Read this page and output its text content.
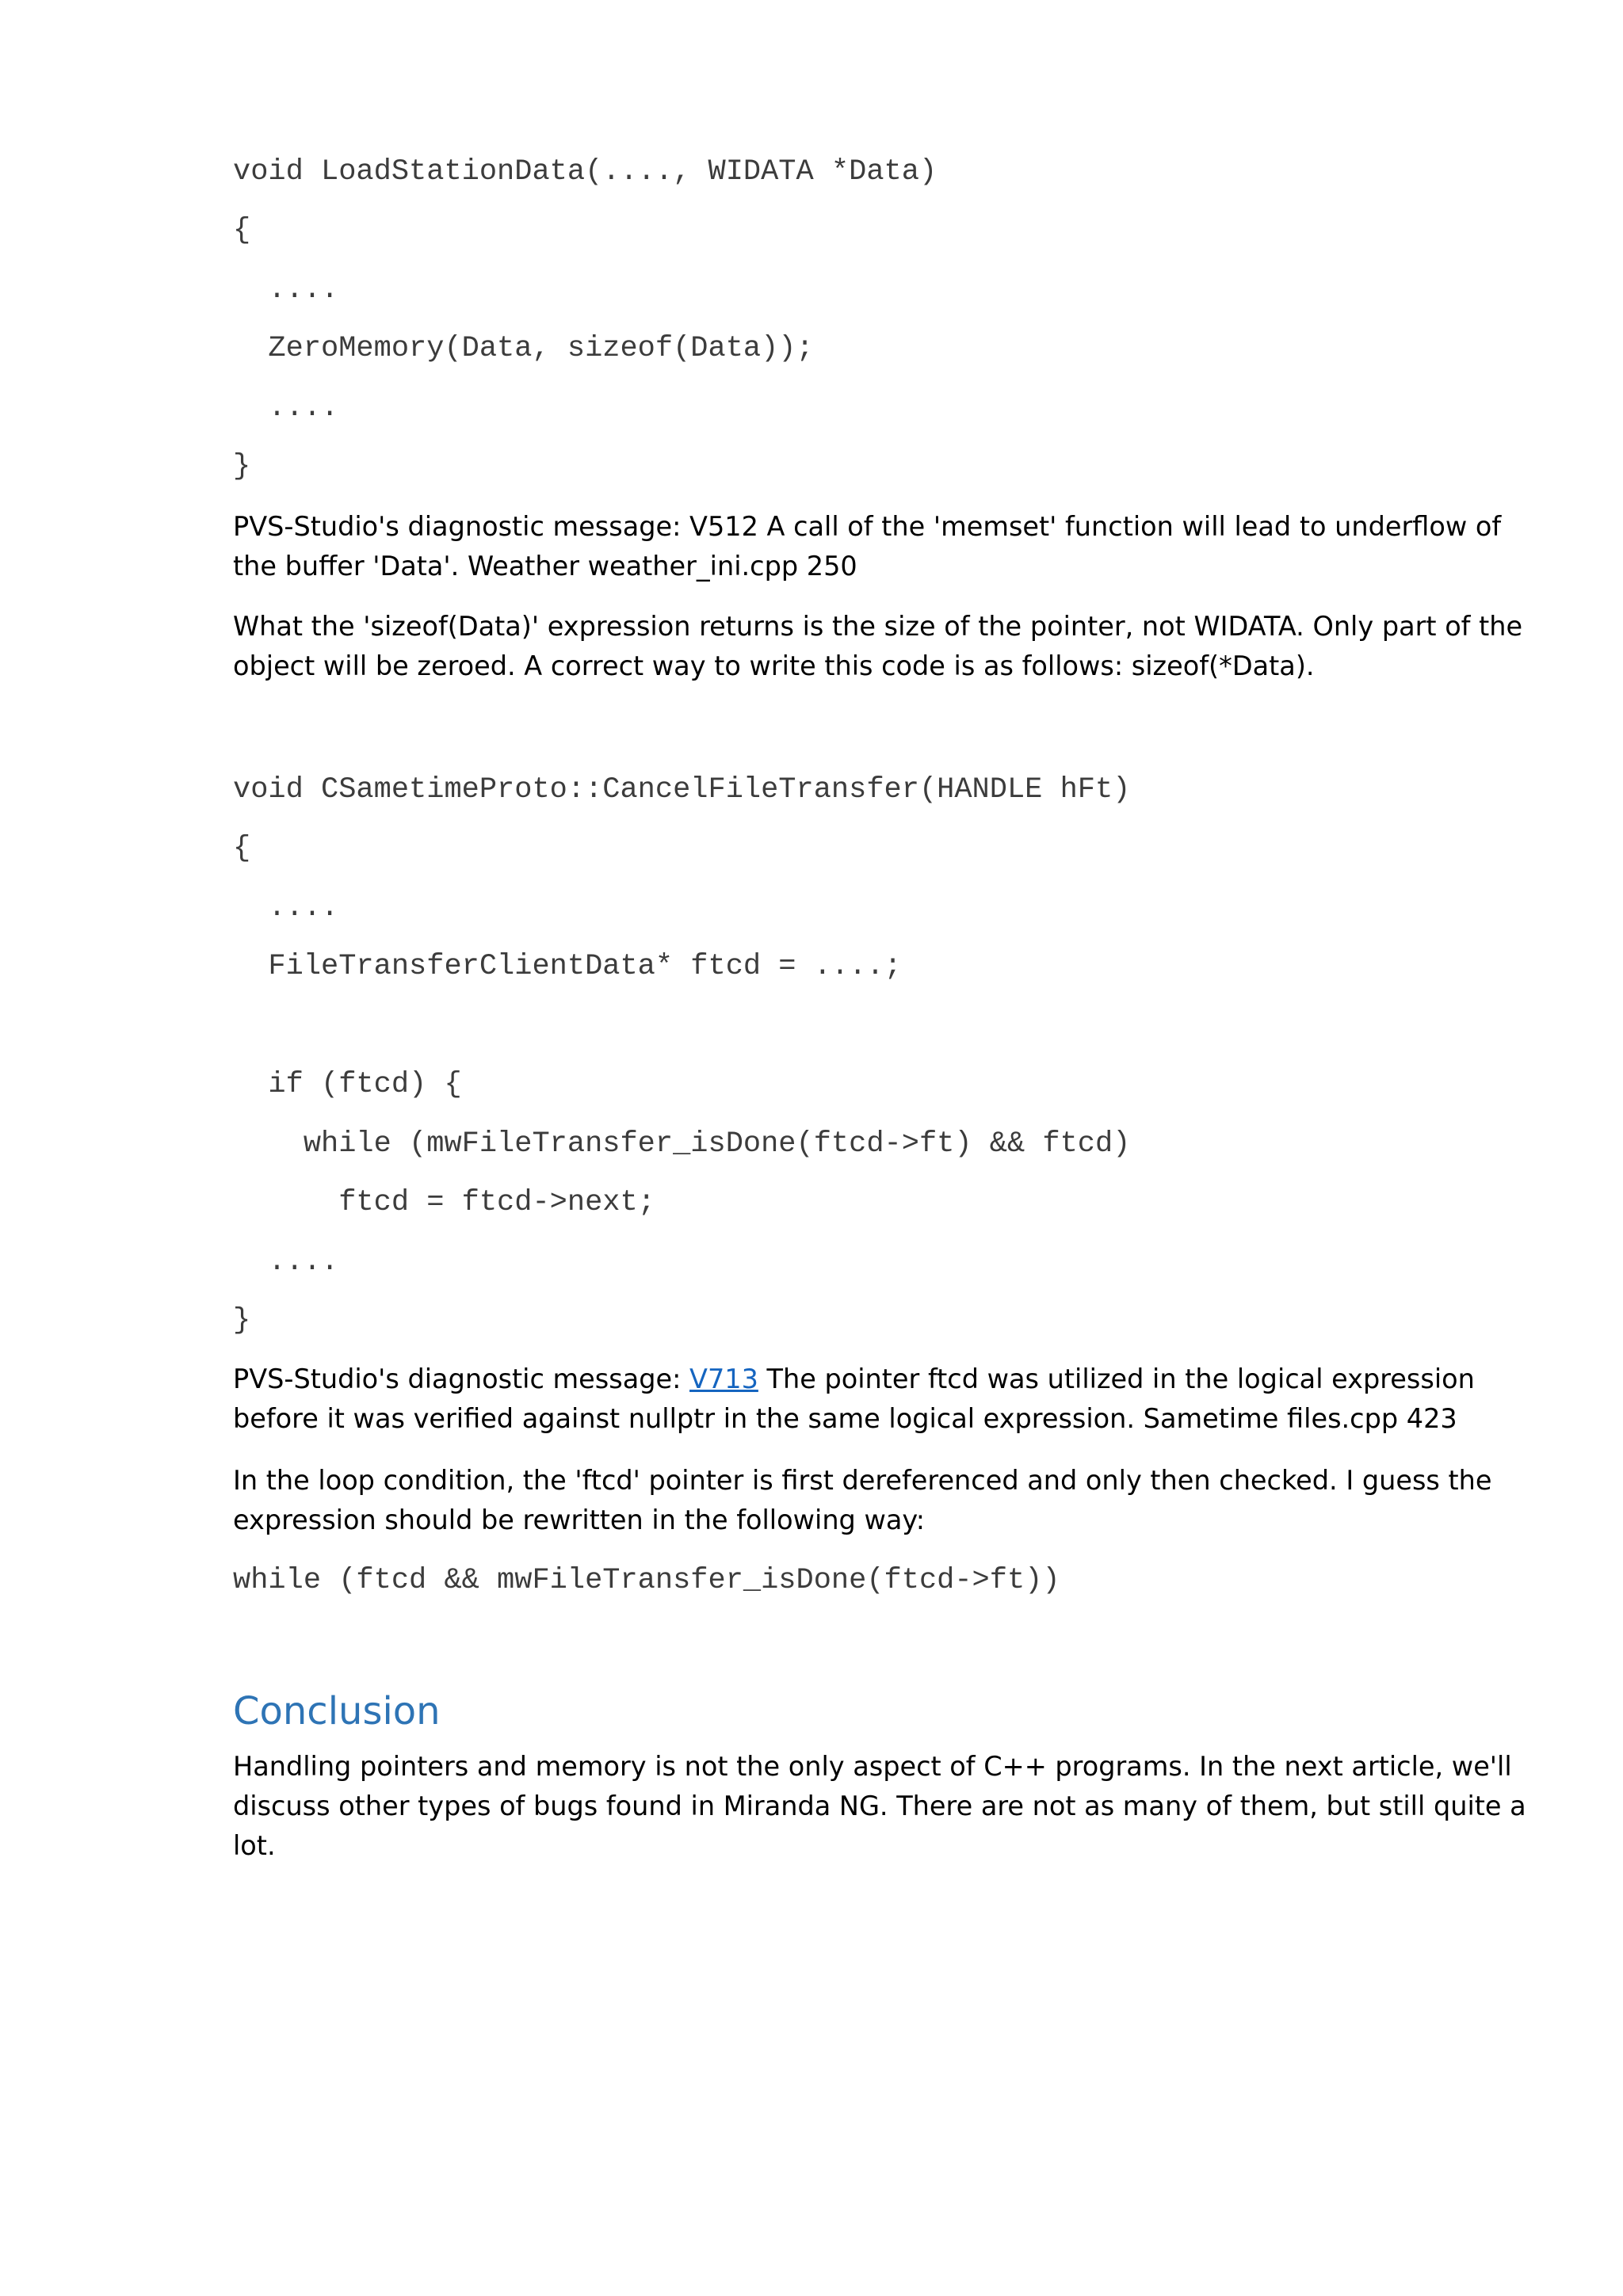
void LoadStationData(...., WIDATA *Data)
{
....
ZeroMemory(Data, sizeof(Data));
....
}

PVS-Studio's diagnostic message: V512 A call of the 'memset' function will lead to underflow of the buffer 'Data'. Weather weather_ini.cpp 250

What the 'sizeof(Data)' expression returns is the size of the pointer, not WIDATA. Only part of the object will be zeroed. A correct way to write this code is as follows: sizeof(*Data).

void CSametimeProto::CancelFileTransfer(HANDLE hFt)
{
....
FileTransferClientData* ftcd = ....;
if (ftcd) {
while (mwFileTransfer_isDone(ftcd->ft) && ftcd)
ftcd = ftcd->next;
....
}

PVS-Studio's diagnostic message: V713 The pointer ftcd was utilized in the logical expression before it was verified against nullptr in the same logical expression. Sametime files.cpp 423

In the loop condition, the 'ftcd' pointer is first dereferenced and only then checked. I guess the expression should be rewritten in the following way:

while (ftcd && mwFileTransfer_isDone(ftcd->ft))
Conclusion

Handling pointers and memory is not the only aspect of C++ programs. In the next article, we'll discuss other types of bugs found in Miranda NG. There are not as many of them, but still quite a lot.
